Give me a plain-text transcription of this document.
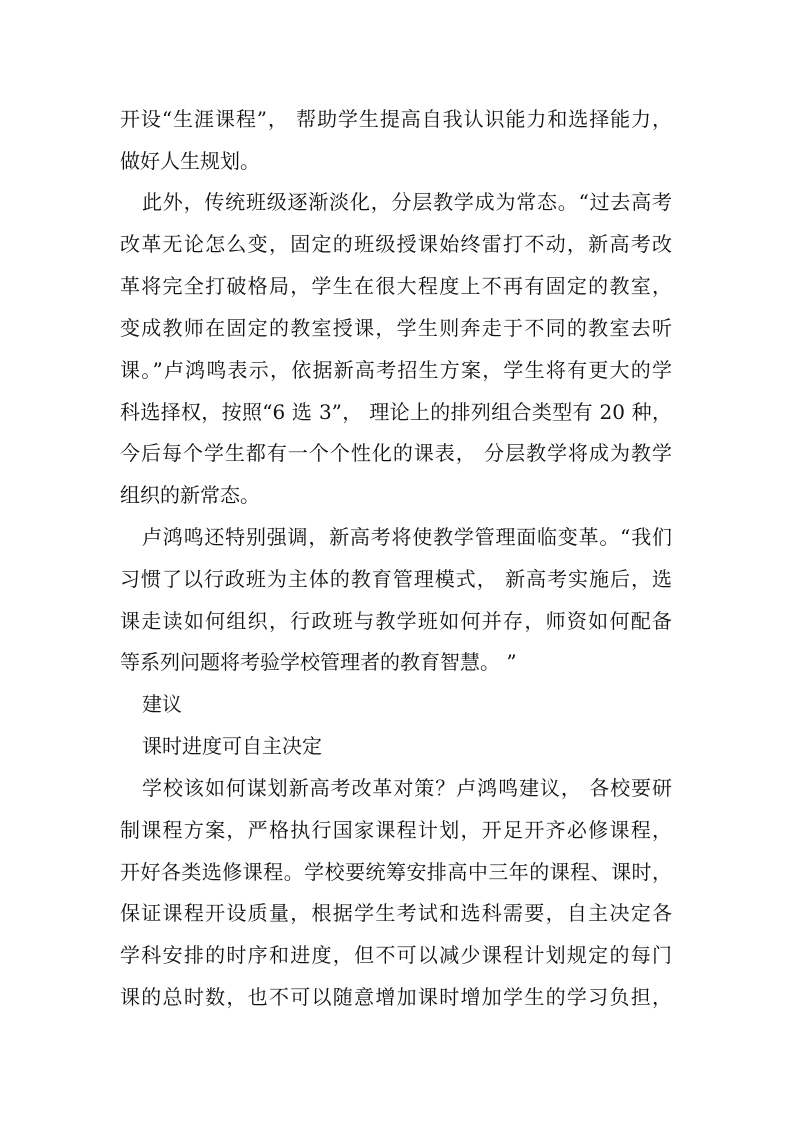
开设“生涯课程”， 帮助学生提高自我认识能力和选择能力，
做好人生规划。
此外，传统班级逐渐淡化，分层教学成为常态。“过去高考
改革无论怎么变，固定的班级授课始终雷打不动，新高考改
革将完全打破格局，学生在很大程度上不再有固定的教室，
变成教师在固定的教室授课，学生则奔走于不同的教室去听
课。”卢鸿鸣表示，依据新高考招生方案，学生将有更大的学
科选择权，按照“6 选 3”， 理论上的排列组合类型有 20 种，
今后每个学生都有一个个性化的课表， 分层教学将成为教学
组织的新常态。
卢鸿鸣还特别强调，新高考将使教学管理面临变革。“我们
习惯了以行政班为主体的教育管理模式， 新高考实施后，选
课走读如何组织，行政班与教学班如何并存，师资如何配备
等系列问题将考验学校管理者的教育智慧。 ”
建议
课时进度可自主决定
学校该如何谋划新高考改革对策？卢鸿鸣建议， 各校要研
制课程方案，严格执行国家课程计划，开足开齐必修课程，
开好各类选修课程。学校要统筹安排高中三年的课程、课时，
保证课程开设质量，根据学生考试和选科需要，自主决定各
学科安排的时序和进度，但不可以减少课程计划规定的每门
课的总时数，也不可以随意增加课时增加学生的学习负担，
